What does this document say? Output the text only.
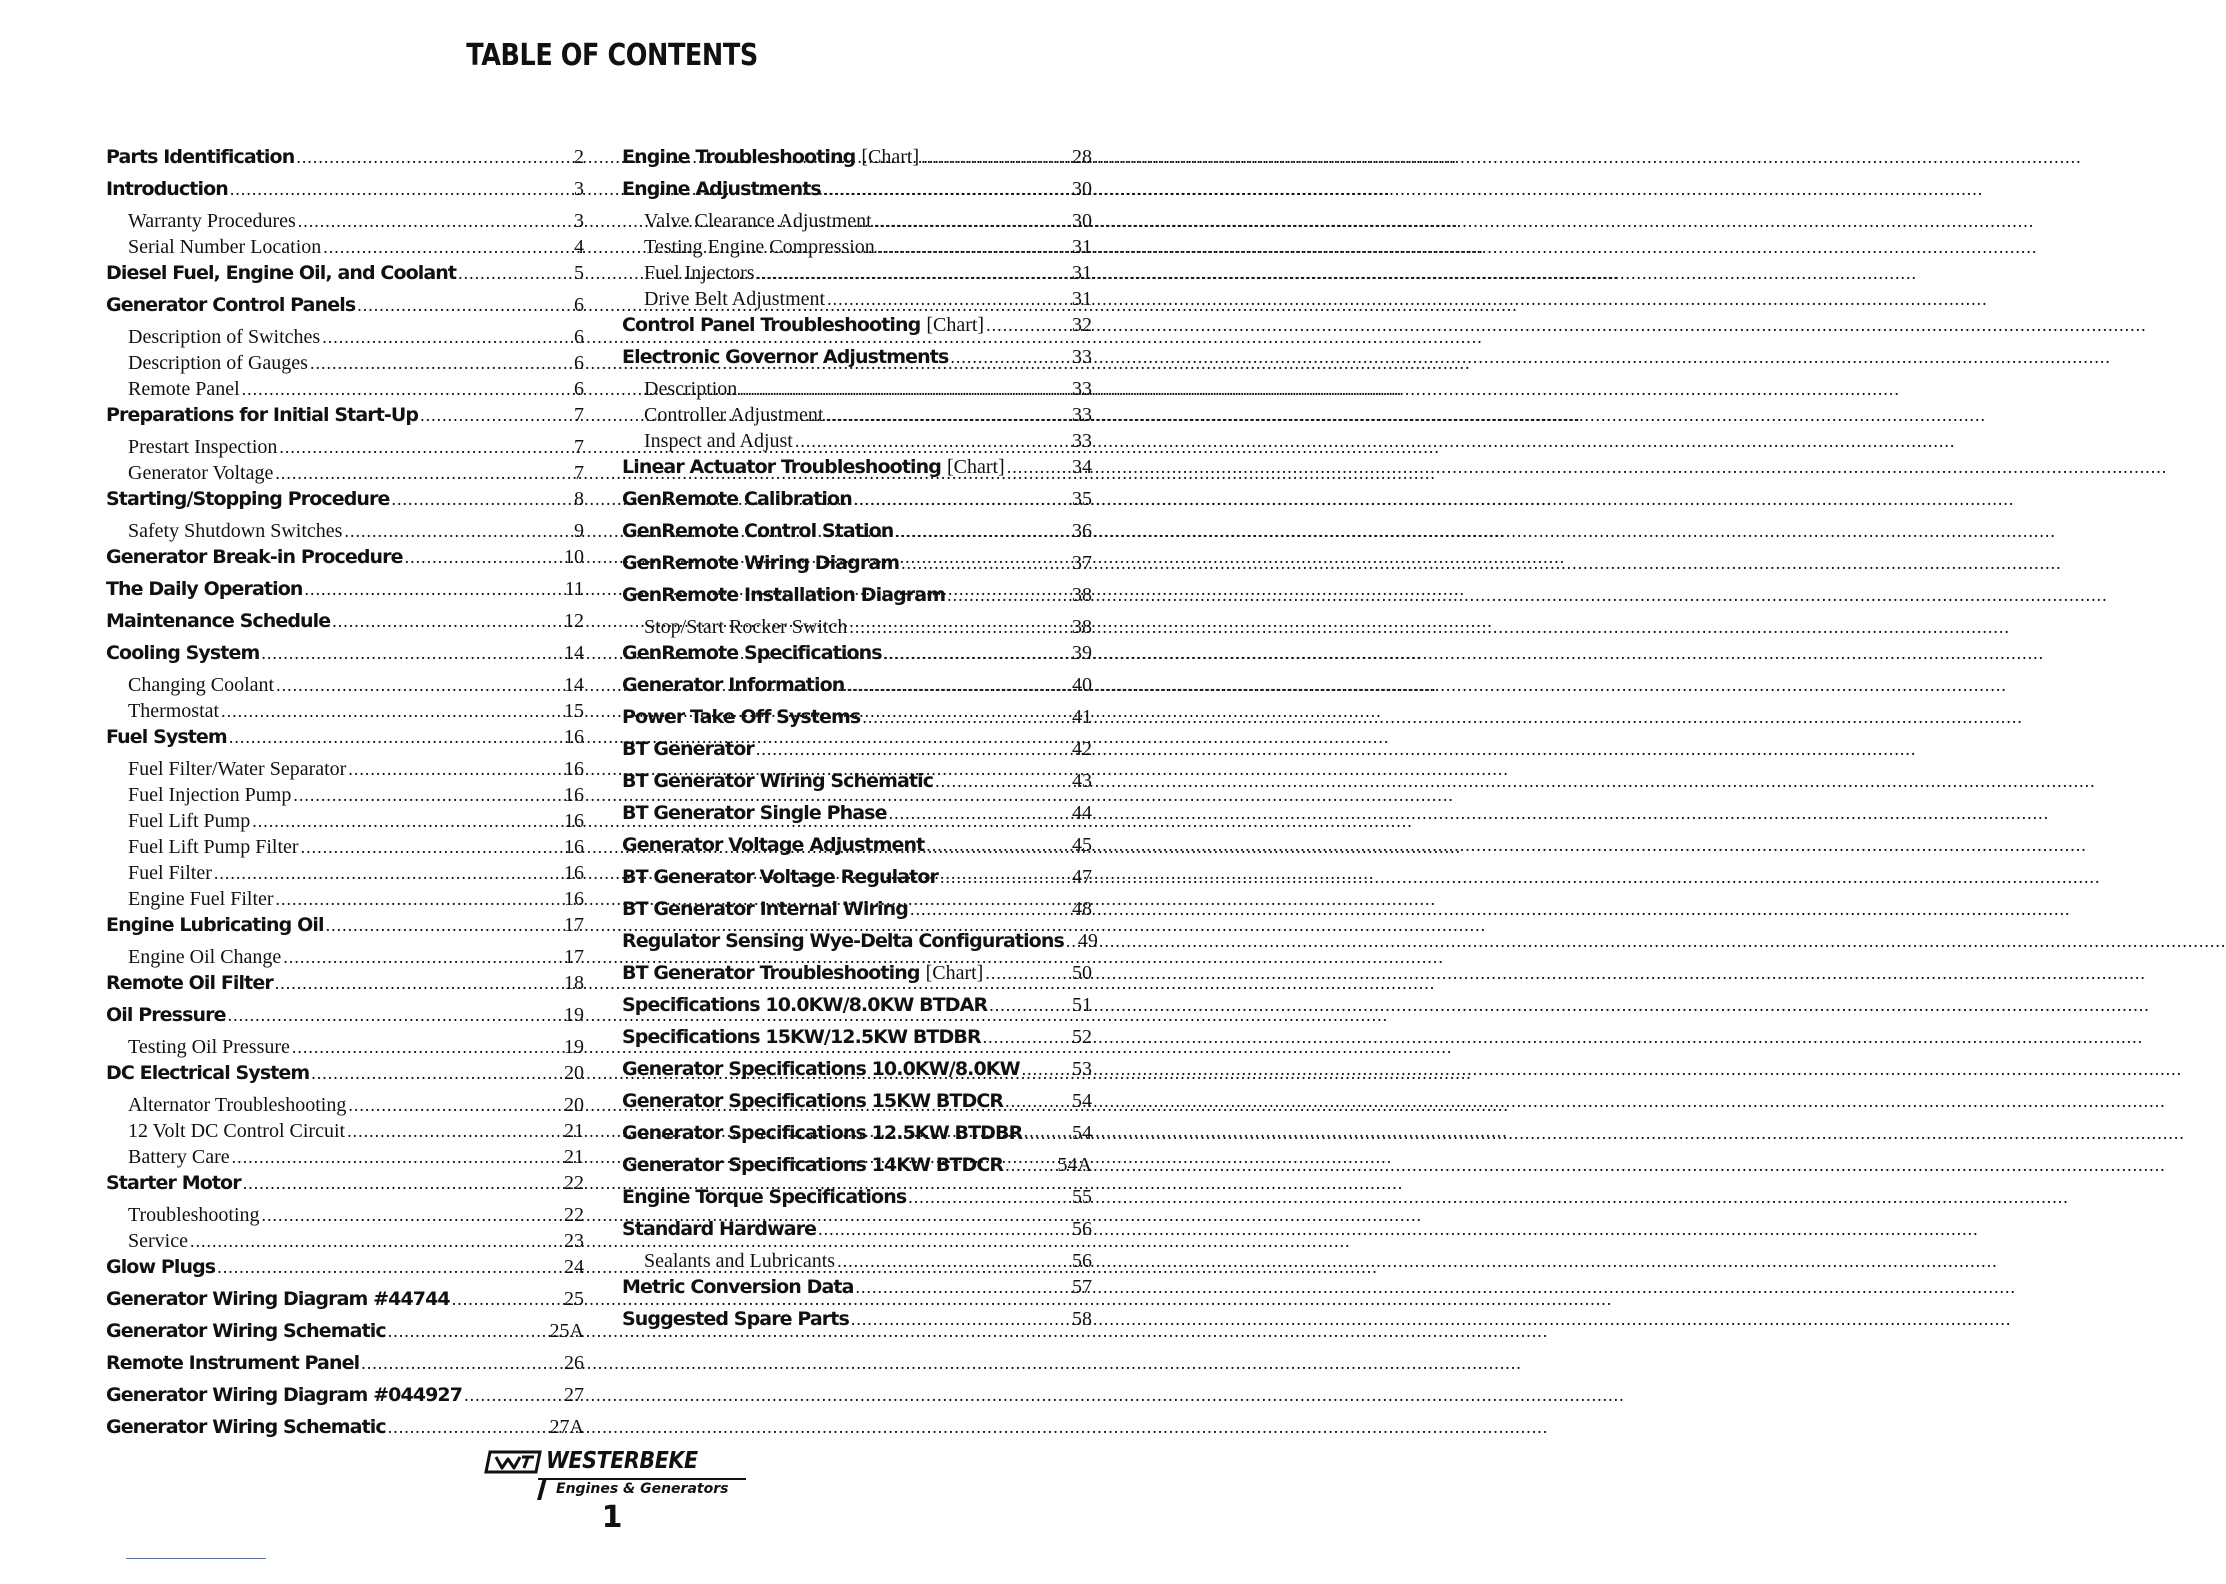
TABLE OF CONTENTS
Parts Identification .....	2
Introduction .....	3
Warranty Procedures .....	3
Serial Number Location .....	4
Diesel Fuel, Engine Oil, and Coolant .....	5
Generator Control Panels .....	6
Description of Switches .....	6
Description of Gauges .....	6
Remote Panel .....	6
Preparations for Initial Start-Up .....	7
Prestart Inspection .....	7
Generator Voltage .....	7
Starting/Stopping Procedure .....	8
Safety Shutdown Switches .....	9
Generator Break-in Procedure .....	10
The Daily Operation .....	11
Maintenance Schedule .....	12
Cooling System .....	14
Changing Coolant .....	14
Thermostat .....	15
Fuel System .....	16
Fuel Filter/Water Separator .....	16
Fuel Injection Pump .....	16
Fuel Lift Pump .....	16
Fuel Lift Pump Filter .....	16
Fuel Filter .....	16
Engine Fuel Filter .....	16
Engine Lubricating Oil .....	17
Engine Oil Change .....	17
Remote Oil Filter .....	18
Oil Pressure .....	19
Testing Oil Pressure .....	19
DC Electrical System .....	20
Alternator Troubleshooting .....	20
12 Volt DC Control Circuit .....	21
Battery Care .....	21
Starter Motor .....	22
Troubleshooting .....	22
Service .....	23
Glow Plugs .....	24
Generator Wiring Diagram #44744 .....	25
Generator Wiring Schematic .....	25A
Remote Instrument Panel .....	26
Generator Wiring Diagram #044927 .....	27
Generator Wiring Schematic .....	27A
Engine Troubleshooting [Chart] .....	28
Engine Adjustments .....	30
Valve Clearance Adjustment .....	30
Testing Engine Compression .....	31
Fuel Injectors .....	31
Drive Belt Adjustment .....	31
Control Panel Troubleshooting [Chart] .....	32
Electronic Governor Adjustments .....	33
Description .....	33
Controller Adjustment .....	33
Inspect and Adjust .....	33
Linear Actuator Troubleshooting [Chart] .....	34
GenRemote Calibration .....	35
GenRemote Control Station .....	36
GenRemote Wiring Diagram .....	37
GenRemote Installation Diagram .....	38
Stop/Start Rocker Switch .....	38
GenRemote Specifications .....	39
Generator Information .....	40
Power Take Off Systems .....	41
BT Generator .....	42
BT Generator Wiring Schematic .....	43
BT Generator Single Phase .....	44
Generator Voltage Adjustment .....	45
BT Generator Voltage Regulator .....	47
BT Generator Internal Wiring .....	48
Regulator Sensing Wye-Delta Configurations ..... 49
BT Generator Troubleshooting [Chart] .....	50
Specifications 10.0KW/8.0KW BTDAR .....	51
Specifications 15KW/12.5KW BTDBR .....	52
Generator Specifications 10.0KW/8.0KW .....	53
Generator Specifications 15KW BTDCR .....	54
Generator Specifications 12.5KW BTDBR ..... 54
Generator Specifications 14KW BTDCR .....	54A
Engine Torque Specifications .....	55
Standard Hardware .....	56
Sealants and Lubricants .....	56
Metric Conversion Data .....	57
Suggested Spare Parts .....	58
WESTERBEKE
Engines & Generators
1
